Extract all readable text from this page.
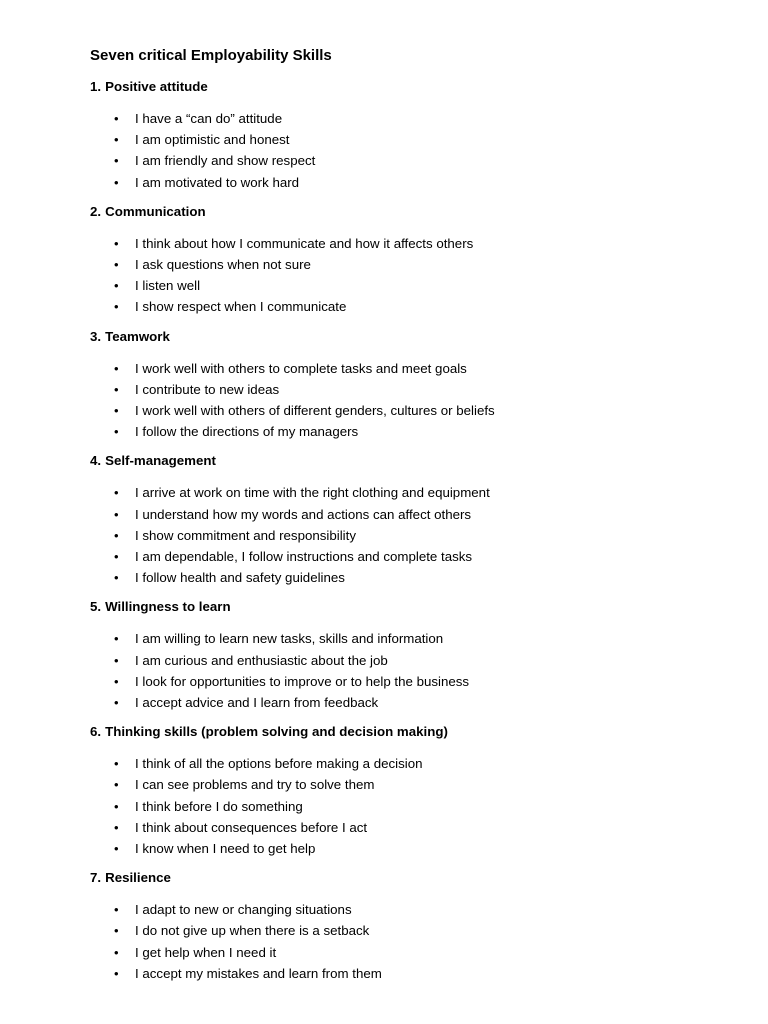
Seven critical Employability Skills
1. Positive attitude
• I have a “can do” attitude
• I am optimistic and honest
• I am friendly and show respect
• I am motivated to work hard
2. Communication
• I think about how I communicate and how it affects others
• I ask questions when not sure
• I listen well
• I show respect when I communicate
3. Teamwork
• I work well with others to complete tasks and meet goals
• I contribute to new ideas
• I work well with others of different genders, cultures or beliefs
• I follow the directions of my managers
4. Self-management
• I arrive at work on time with the right clothing and equipment
• I understand how my words and actions can affect others
• I show commitment and responsibility
• I am dependable, I follow instructions and complete tasks
• I follow health and safety guidelines
5. Willingness to learn
• I am willing to learn new tasks, skills and information
• I am curious and enthusiastic about the job
• I look for opportunities to improve or to help the business
• I accept advice and I learn from feedback
6. Thinking skills (problem solving and decision making)
• I think of all the options before making a decision
• I can see problems and try to solve them
• I think before I do something
• I think about consequences before I act
• I know when I need to get help
7. Resilience
• I adapt to new or changing situations
• I do not give up when there is a setback
• I get help when I need it
• I accept my mistakes and learn from them
